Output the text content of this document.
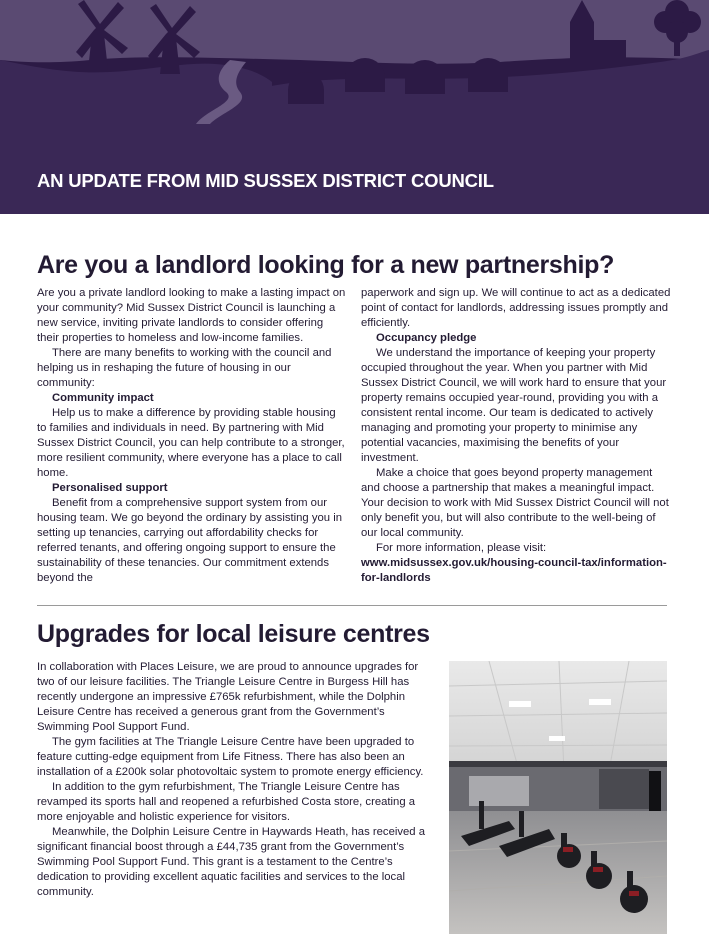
AN UPDATE FROM MID SUSSEX DISTRICT COUNCIL
Are you a landlord looking for a new partnership?

Are you a private landlord looking to make a lasting impact on your community? Mid Sussex District Council is launching a new service, inviting private landlords to consider offering their properties to homeless and low-income families.

There are many benefits to working with the council and helping us in reshaping the future of housing in our community:

Community impact

Help us to make a difference by providing stable housing to families and individuals in need. By partnering with Mid Sussex District Council, you can help contribute to a stronger, more resilient community, where everyone has a place to call home.

Personalised support

Benefit from a comprehensive support system from our housing team. We go beyond the ordinary by assisting you in setting up tenancies, carrying out affordability checks for referred tenants, and offering ongoing support to ensure the sustainability of these tenancies. Our commitment extends beyond the

paperwork and sign up. We will continue to act as a dedicated point of contact for landlords, addressing issues promptly and efficiently.

Occupancy pledge

We understand the importance of keeping your property occupied throughout the year. When you partner with Mid Sussex District Council, we will work hard to ensure that your property remains occupied year-round, providing you with a consistent rental income. Our team is dedicated to actively managing and promoting your property to minimise any potential vacancies, maximising the benefits of your investment.

Make a choice that goes beyond property management and choose a partnership that makes a meaningful impact. Your decision to work with Mid Sussex District Council will not only benefit you, but will also contribute to the well-being of our local community.

For more information, please visit:

www.midsussex.gov.uk/housing-council-tax/information-for-landlords

Upgrades for local leisure centres

In collaboration with Places Leisure, we are proud to announce upgrades for two of our leisure facilities. The Triangle Leisure Centre in Burgess Hill has recently undergone an impressive £765k refurbishment, while the Dolphin Leisure Centre has received a generous grant from the Government’s Swimming Pool Support Fund.

The gym facilities at The Triangle Leisure Centre have been upgraded to feature cutting-edge equipment from Life Fitness. There has also been an installation of a £200k solar photovoltaic system to promote energy efficiency.

In addition to the gym refurbishment, The Triangle Leisure Centre has revamped its sports hall and reopened a refurbished Costa store, creating a more enjoyable and holistic experience for visitors.

Meanwhile, the Dolphin Leisure Centre in Haywards Heath, has received a significant financial boost through a £44,735 grant from the Government’s Swimming Pool Support Fund. This grant is a testament to the Centre’s dedication to providing excellent aquatic facilities and services to the local community.
